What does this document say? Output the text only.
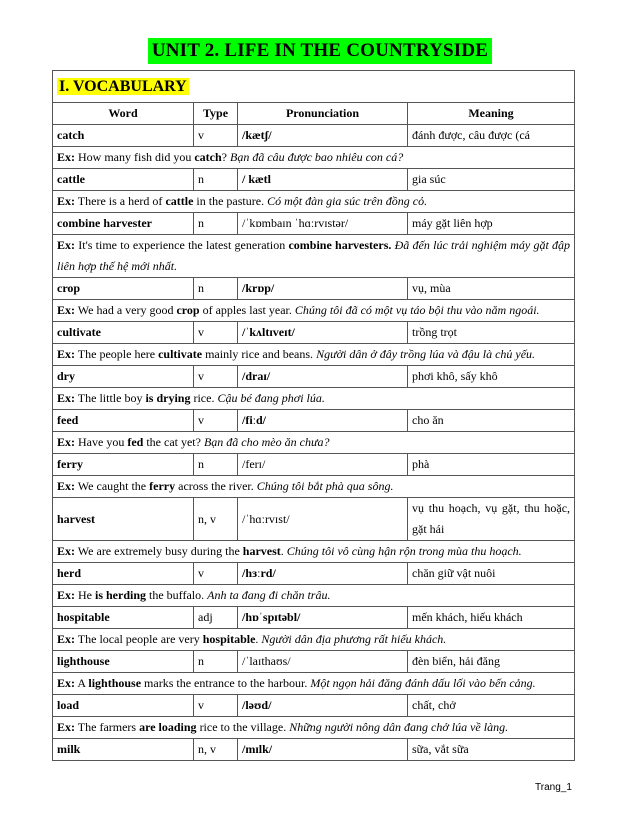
UNIT 2. LIFE IN THE COUNTRYSIDE
I. VOCABULARY			
Word	Type	Pronunciation	Meaning
catch	v	/kætʃ/	đánh được, câu được (cá
Ex: How many fish did you catch? Bạn đã câu được bao nhiêu con cá?			
cattle	n	/ kætl	gia súc
Ex: There is a herd of cattle in the pasture. Có một đàn gia súc trên đồng cỏ.			
combine harvester	n	/ˈkɒmbaɪn ˈhɑːrvɪstər/	máy gặt liên hợp
Ex: It's time to experience the latest generation combine harvesters. Đã đến lúc trải nghiệm máy gặt đập liên hợp thế hệ mới nhất.			
crop	n	/krɒp/	vụ, mùa
Ex: We had a very good crop of apples last year. Chúng tôi đã có một vụ táo bội thu vào năm ngoái.			
cultivate	v	/ˈkʌltɪveɪt/	trồng trọt
Ex: The people here cultivate mainly rice and beans. Người dân ở đây trồng lúa và đậu là chủ yếu.			
dry	v	/draɪ/	phơi khô, sấy khô
Ex: The little boy is drying rice. Cậu bé đang phơi lúa.			
feed	v	/fiːd/	cho ăn
Ex: Have you fed the cat yet? Bạn đã cho mèo ăn chưa?			
ferry	n	/ferɪ/	phà
Ex: We caught the ferry across the river. Chúng tôi bắt phà qua sông.			
harvest	n, v	/ˈhɑːrvɪst/	vụ thu hoạch, vụ gặt, thu hoặc, gặt hái
Ex: We are extremely busy during the harvest. Chúng tôi vô cùng hận rộn trong mùa thu hoạch.			
herd	v	/hɜːrd/	chăn giữ vật nuôi
Ex: He is herding the buffalo. Anh ta đang đi chăn trâu.			
hospitable	adj	/hɒˈspɪtəbl/	mến khách, hiếu khách
Ex: The local people are very hospitable. Người dân địa phương rất hiếu khách.			
lighthouse	n	/ˈlaɪthaʊs/	đèn biển, hải đăng
Ex: A lighthouse marks the entrance to the harbour. Một ngọn hải đăng đánh dấu lối vào bến cảng.			
load	v	/ləʊd/	chất, chở
Ex: The farmers are loading rice to the village. Những người nông dân đang chở lúa về làng.			
milk	n, v	/mɪlk/	sữa, vắt sữa
Trang_1
